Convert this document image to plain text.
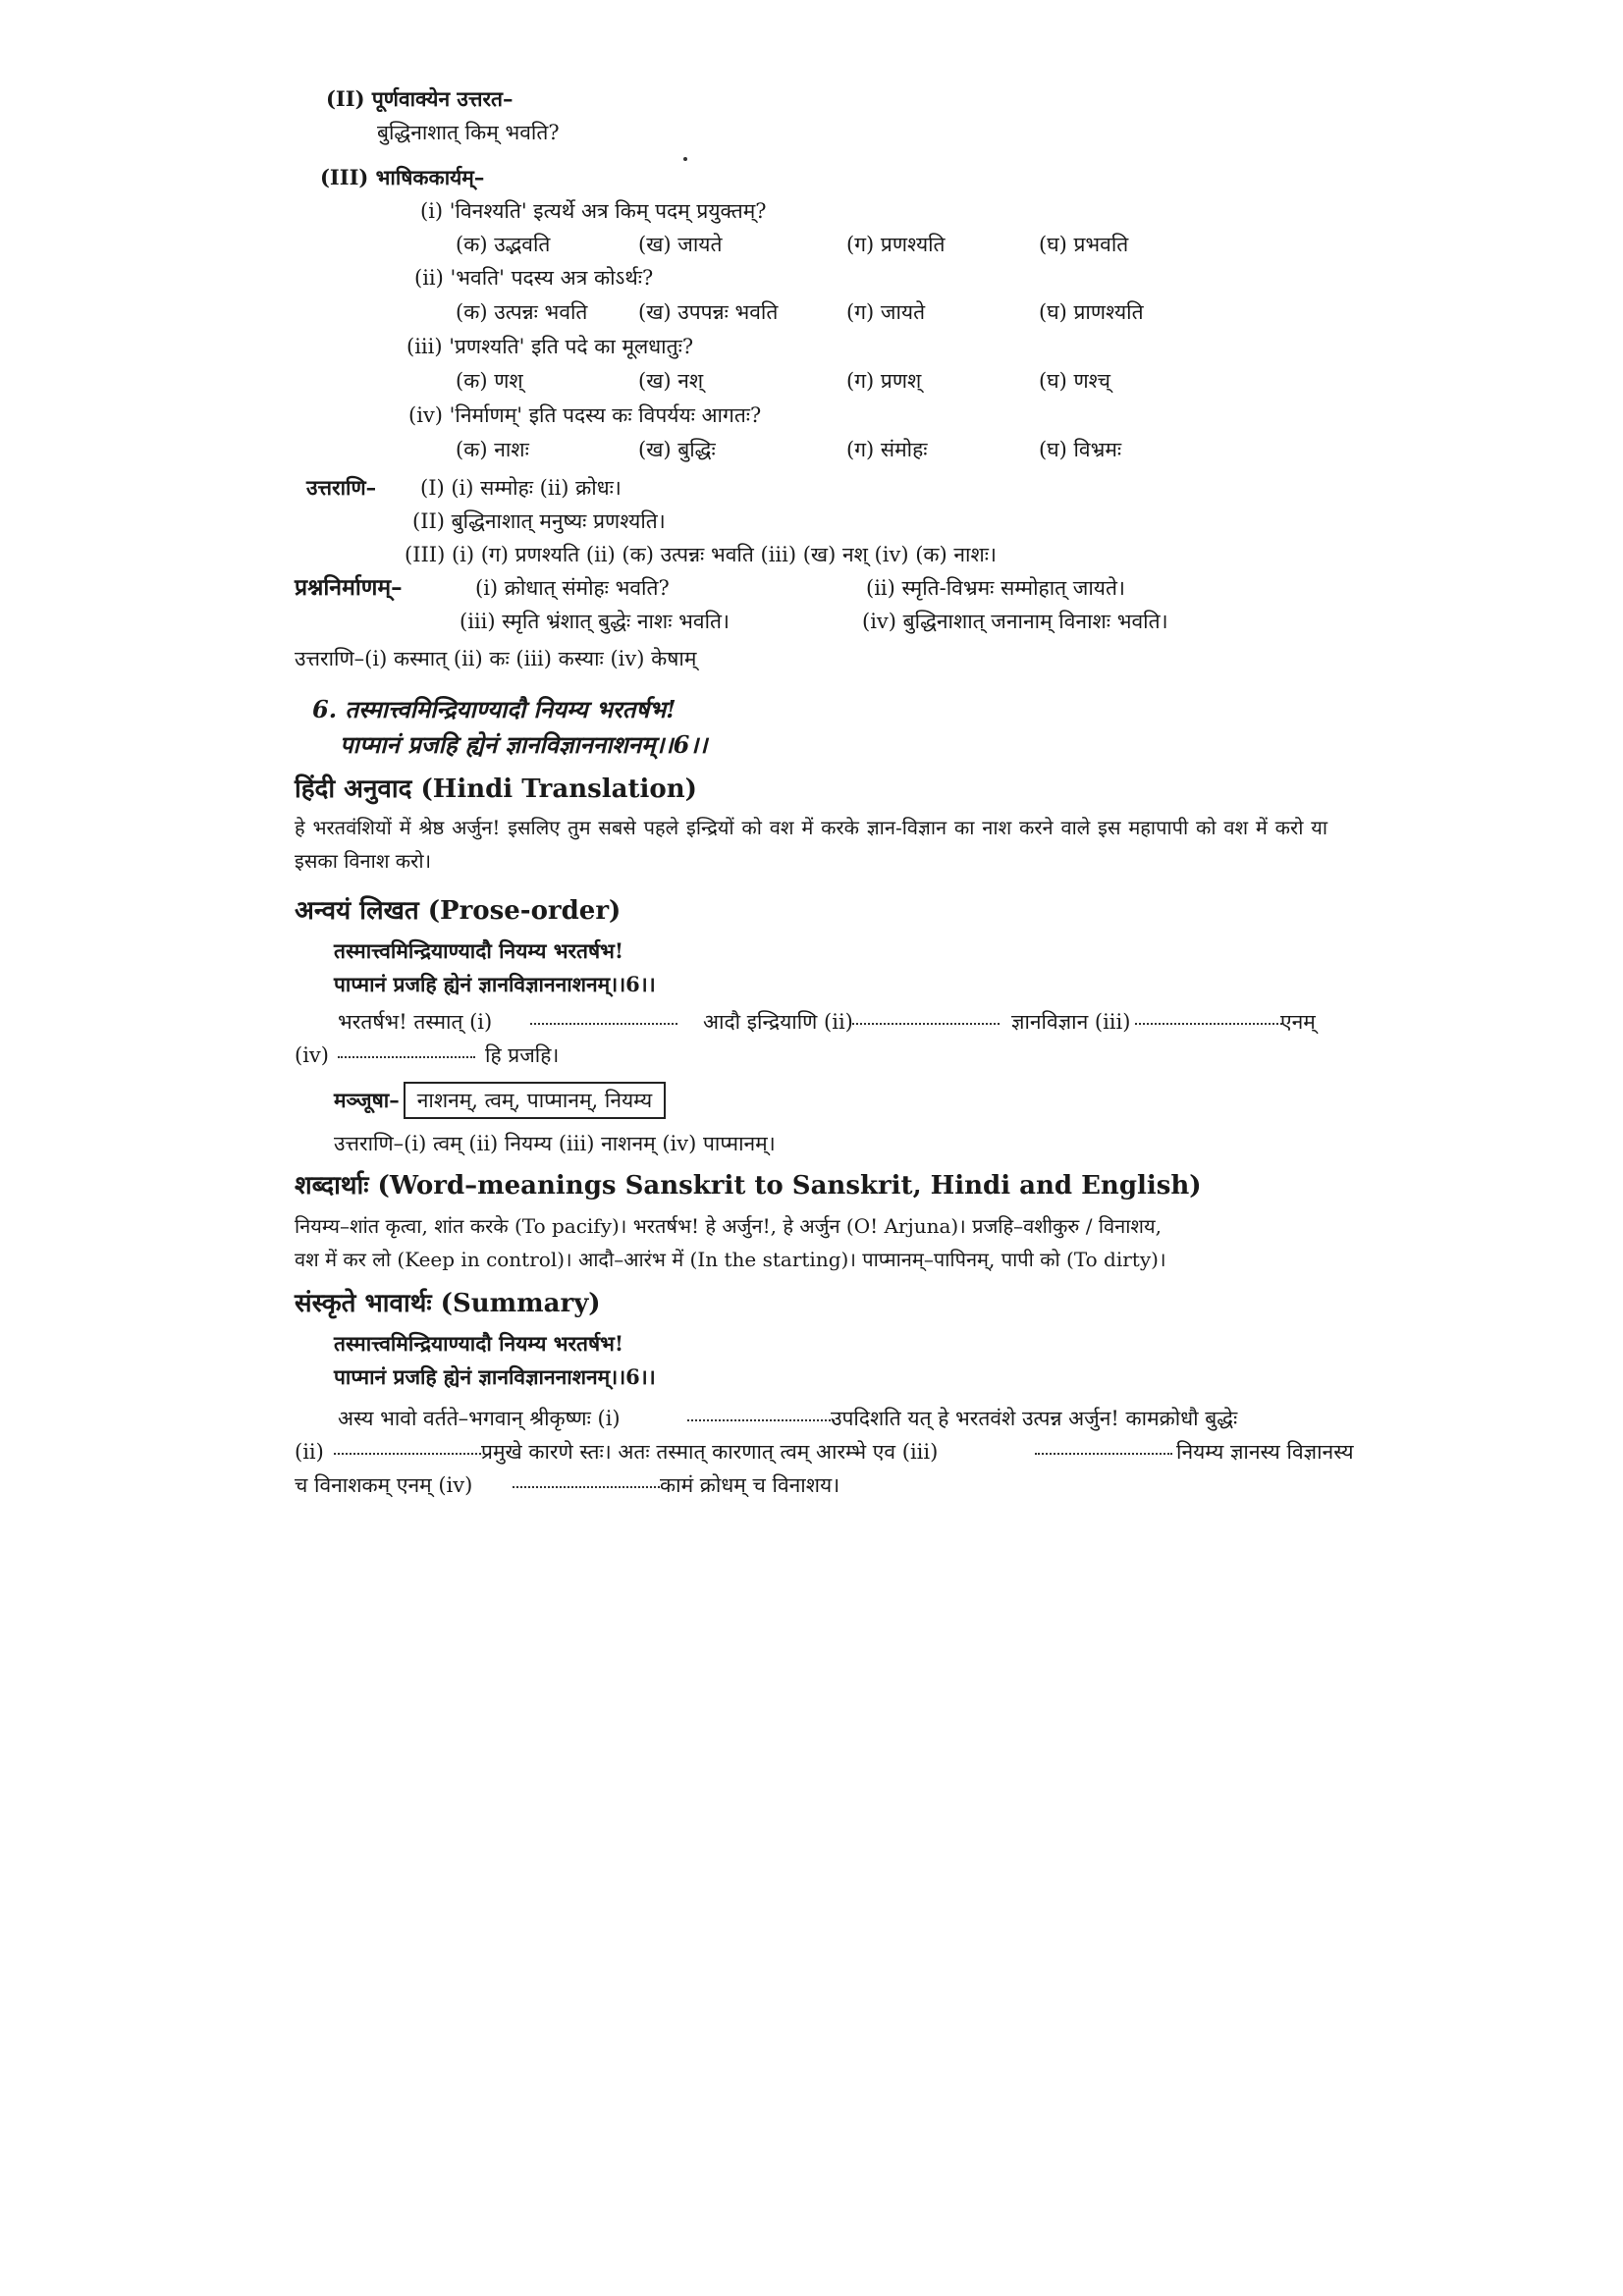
(II) पूर्णवाक्येन उत्तरत–
बुद्धिनाशात् किम् भवति?
(III) भाषिककार्यम्–
(i) 'विनश्यति' इत्यर्थे अत्र किम् पदम् प्रयुक्तम्?
(क) उद्भवति	(ख) जायते	(ग) प्रणश्यति	(घ) प्रभवति
(ii) 'भवति' पदस्य अत्र कोऽर्थः?
(क) उत्पन्नः भवति (ख) उपपन्नः भवति	(ग) जायते	(घ) प्राणश्यति
(iii) 'प्रणश्यति' इति पदे का मूलधातुः?
(क) णश्	(ख) नश्	(ग) प्रणश्	(घ) णश्च्
(iv) 'निर्माणम्' इति पदस्य कः विपर्ययः आगतः?
(क) नाशः	(ख) बुद्धिः	(ग) संमोहः	(घ) विभ्रमः
उत्तराणि– (I) (i) सम्मोहः (ii) क्रोधः।
(II) बुद्धिनाशात् मनुष्यः प्रणश्यति।
(III) (i) (ग) प्रणश्यति (ii) (क) उत्पन्नः भवति (iii) (ख) नश् (iv) (क) नाशः।
प्रश्ननिर्माणम्–	(i) क्रोधात् संमोहः भवति?	(ii) स्मृति-विभ्रमः सम्मोहात् जायते।
(iii) स्मृति भ्रंशात् बुद्धेः नाशः भवति।	(iv) बुद्धिनाशात् जनानाम् विनाशः भवति।
उत्तराणि–(i) कस्मात् (ii) कः (iii) कस्याः (iv) केषाम्
6. तस्मात्त्वमिन्द्रियाण्यादौ नियम्य भरतर्षभ!
पाप्मानं प्रजहि ह्येनं ज्ञानविज्ञाननाशनम्।।6।।
हिंदी अनुवाद (Hindi Translation)
हे भरतवंशियों में श्रेष्ठ अर्जुन! इसलिए तुम सबसे पहले इन्द्रियों को वश में करके ज्ञान-विज्ञान का नाश करने वाले इस महापापी को वश में करो या इसका विनाश करो।
अन्वयं लिखत (Prose-order)
तस्मात्त्वमिन्द्रियाण्यादौ नियम्य भरतर्षभ!
पाप्मानं प्रजहि ह्येनं ज्ञानविज्ञाननाशनम्।।6।।
भरतर्षभ! तस्मात् (i)	आदौ इन्द्रियाणि (ii)	ज्ञानविज्ञान (iii)	एनम्
(iv)	हि प्रजहि।
मञ्जूषा– नाशनम्, त्वम्, पाप्मानम्, नियम्य
उत्तराणि–(i) त्वम् (ii) नियम्य (iii) नाशनम् (iv) पाप्मानम्।
शब्दार्थाः (Word–meanings Sanskrit to Sanskrit, Hindi and English)
नियम्य–शांत कृत्वा, शांत करके (To pacify)। भरतर्षभ! हे अर्जुन!, हे अर्जुन (O! Arjuna)। प्रजहि–वशीकुरु / विनाशय,
वश में कर लो (Keep in control)। आदौ–आरंभ में (In the starting)। पाप्मानम्–पापिनम्, पापी को (To dirty)।
संस्कृते भावार्थः (Summary)
तस्मात्त्वमिन्द्रियाण्यादौ नियम्य भरतर्षभ!
पाप्मानं प्रजहि ह्येनं ज्ञानविज्ञाननाशनम्।।6।।
अस्य भावो वर्तते–भगवान् श्रीकृष्णः (i)	उपदिशति यत् हे भरतवंशे उत्पन्न अर्जुन! कामक्रोधौ बुद्धेः
(ii)	प्रमुखे कारणे स्तः। अतः तस्मात् कारणात् त्वम् आरम्भे एव (iii)	नियम्य ज्ञानस्य विज्ञानस्य
च विनाशकम् एनम् (iv)	कामं क्रोधम् च विनाशय।
